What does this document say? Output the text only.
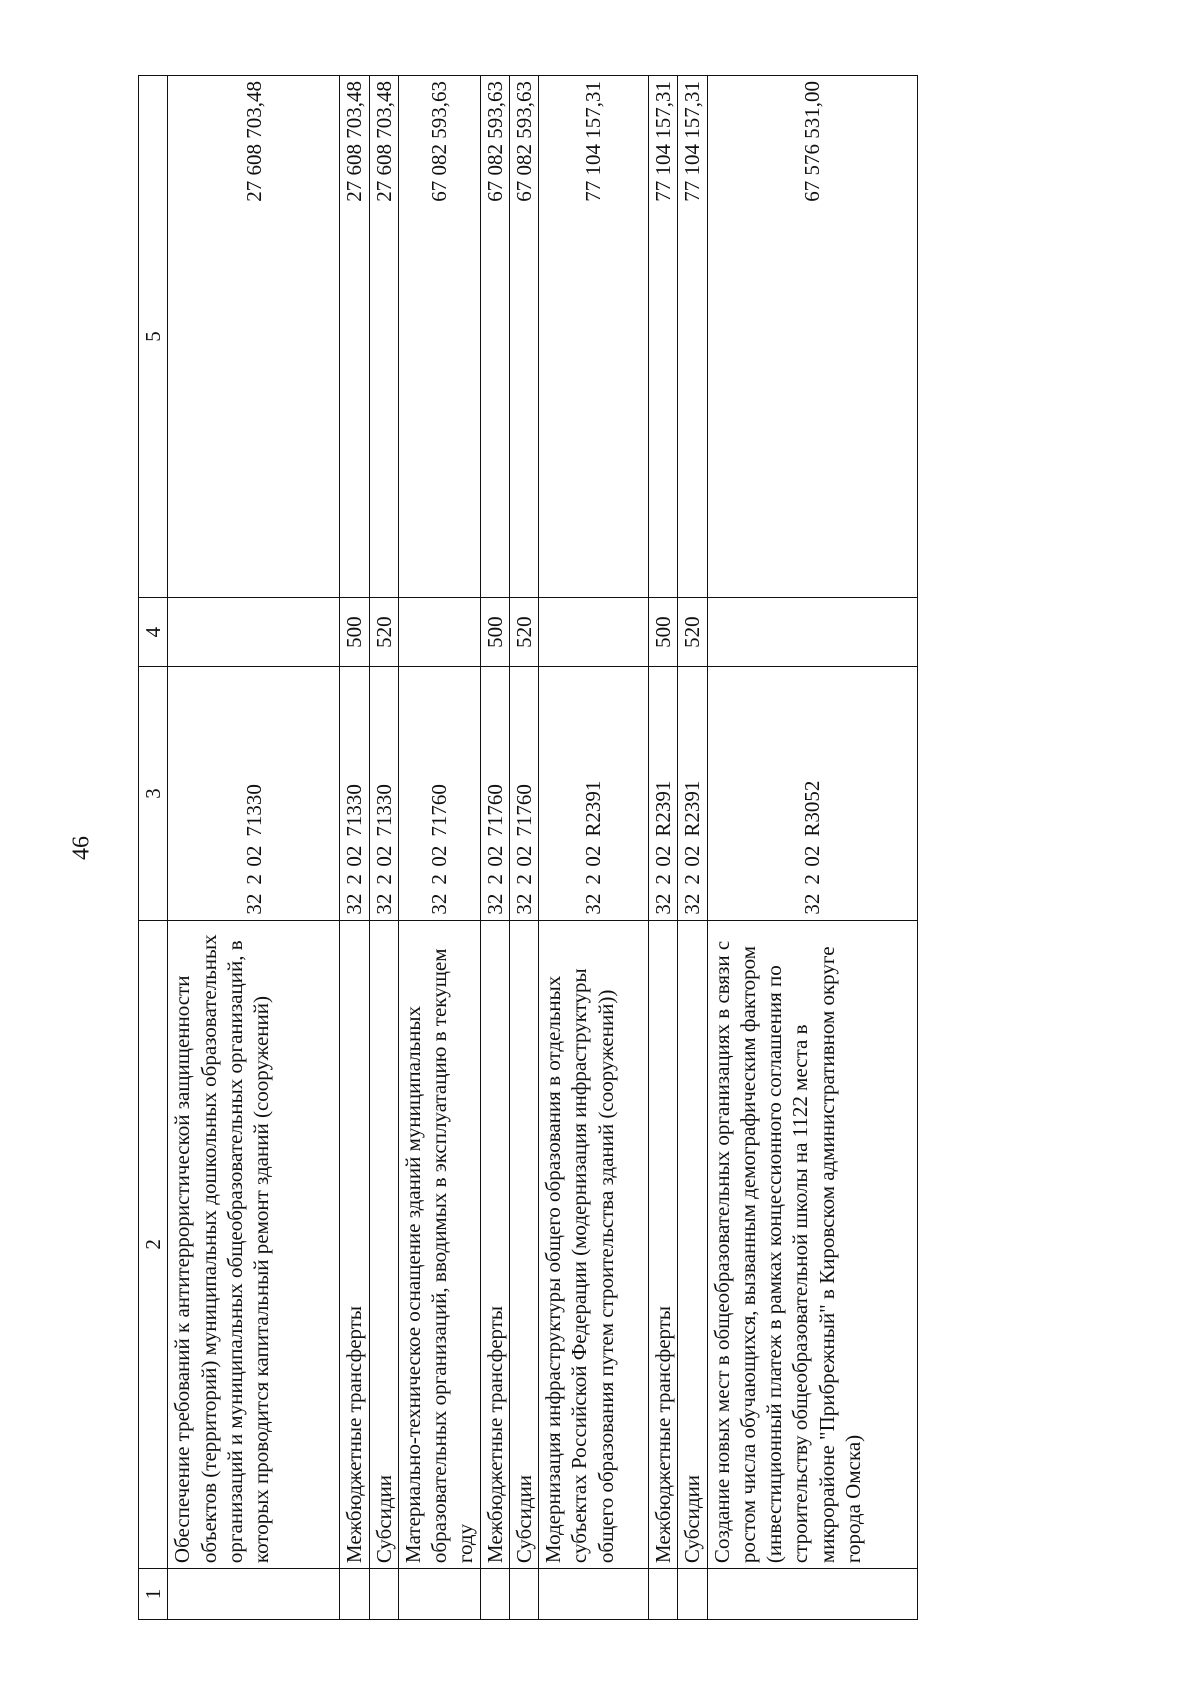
46
1	2	3	4	5
	Обеспечение требований к антитеррористической защищенности объектов (территорий) муниципальных дошкольных образовательных организаций и муниципальных общеобразовательных организаций, в которых проводится капитальный ремонт зданий (сооружений)	3220271330		27 608 703,48
	Межбюджетные трансферты	3220271330	500	27 608 703,48
	Субсидии	3220271330	520	27 608 703,48
	Материально-техническое оснащение зданий муниципальных образовательных организаций, вводимых в эксплуатацию в текущем году	3220271760		67 082 593,63
	Межбюджетные трансферты	3220271760	500	67 082 593,63
	Субсидии	3220271760	520	67 082 593,63
	Модернизация инфраструктуры общего образования в отдельных субъектах Российской Федерации (модернизация инфраструктуры общего образования путем строительства зданий (сооружений))	32202R2391		77 104 157,31
	Межбюджетные трансферты	32202R2391	500	77 104 157,31
	Субсидии	32202R2391	520	77 104 157,31
	Создание новых мест в общеобразовательных организациях в связи с ростом числа обучающихся, вызванным демографическим фактором (инвестиционный платеж в рамках концессионного соглашения по строительству общеобразовательной школы на 1122 места в микрорайоне "Прибрежный" в Кировском административном округе города Омска)	32202R3052		67 576 531,00
